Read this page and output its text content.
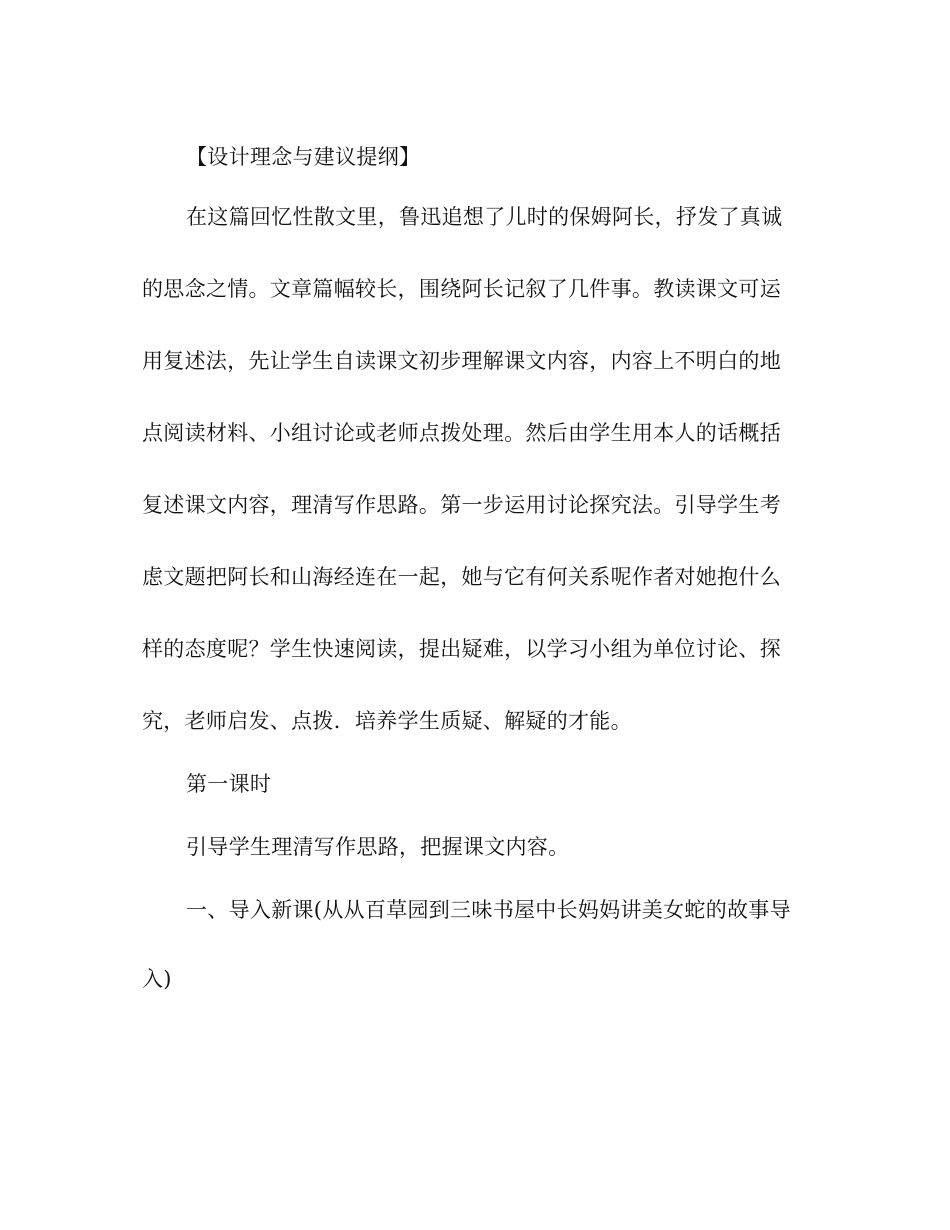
【设计理念与建议提纲】
在这篇回忆性散文里，鲁迅追想了儿时的保姆阿长，抒发了真诚
的思念之情。文章篇幅较长，围绕阿长记叙了几件事。教读课文可运
用复述法，先让学生自读课文初步理解课文内容，内容上不明白的地
点阅读材料、小组讨论或老师点拨处理。然后由学生用本人的话概括
复述课文内容，理清写作思路。第一步运用讨论探究法。引导学生考
虑文题把阿长和山海经连在一起，她与它有何关系呢作者对她抱什么
样的态度呢？学生快速阅读，提出疑难，以学习小组为单位讨论、探
究，老师启发、点拨．培养学生质疑、解疑的才能。
第一课时
引导学生理清写作思路，把握课文内容。
一、导入新课(从从百草园到三味书屋中长妈妈讲美女蛇的故事导
入)
